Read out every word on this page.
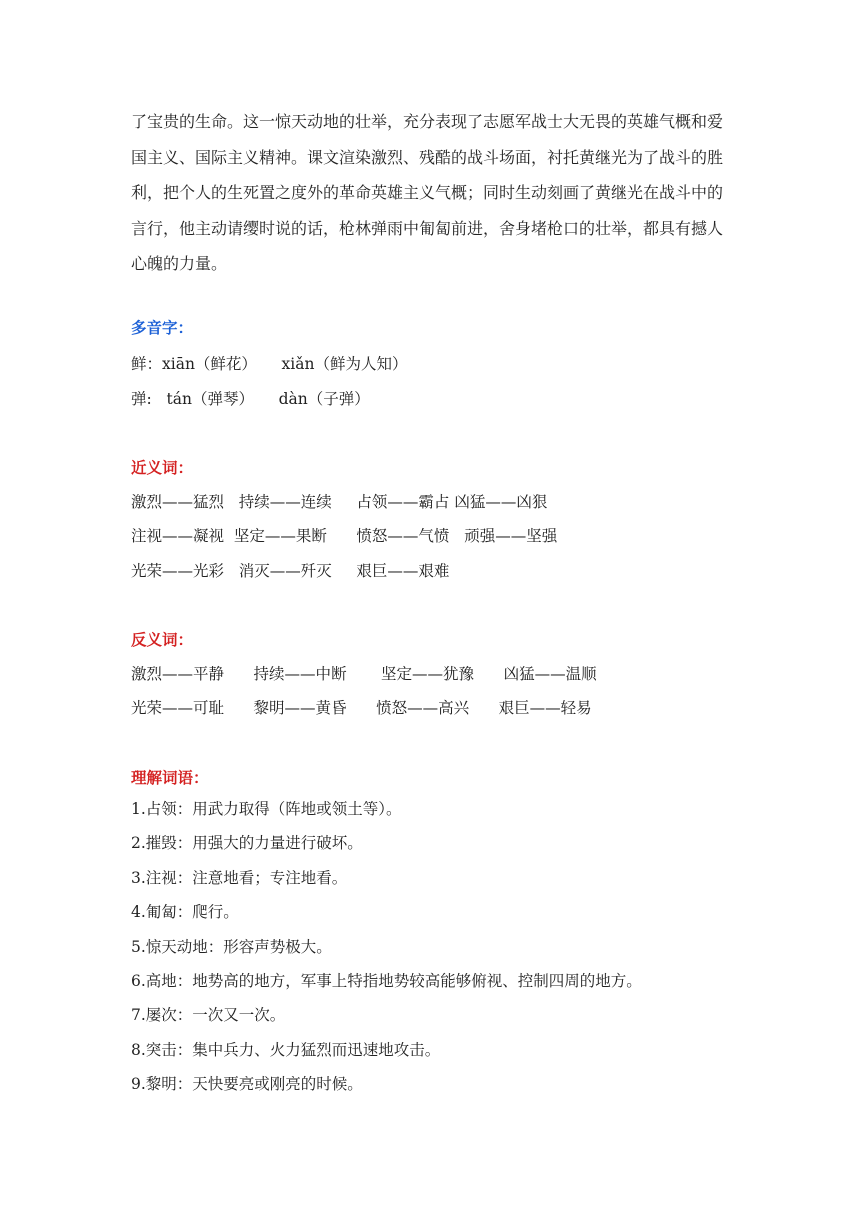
了宝贵的生命。这一惊天动地的壮举，充分表现了志愿军战士大无畏的英雄气概和爱国主义、国际主义精神。课文渲染激烈、残酷的战斗场面，衬托黄继光为了战斗的胜利，把个人的生死置之度外的革命英雄主义气概；同时生动刻画了黄继光在战斗中的言行，他主动请缨时说的话，枪林弹雨中匍匐前进，舍身堵枪口的壮举，都具有撼人心魄的力量。

多音字：

鲜：xiān（鲜花）     xiǎn（鲜为人知）

弹:   tán（弹琴）     dàn（子弹）

近义词：

激烈——猛烈   持续——连续     占领——霸占 凶猛——凶狠

注视——凝视  坚定——果断      愤怒——气愤   顽强——坚强

光荣——光彩   消灭——歼灭     艰巨——艰难

反义词：

激烈——平静      持续——中断       坚定——犹豫      凶猛——温顺

光荣——可耻      黎明——黄昏      愤怒——高兴      艰巨——轻易

理解词语：

1.占领：用武力取得（阵地或领土等）。
2.摧毁：用强大的力量进行破坏。
3.注视：注意地看；专注地看。
4.匍匐：爬行。
5.惊天动地：形容声势极大。
6.高地：地势高的地方，军事上特指地势较高能够俯视、控制四周的地方。
7.屡次：一次又一次。
8.突击：集中兵力、火力猛烈而迅速地攻击。
9.黎明：天快要亮或刚亮的时候。
